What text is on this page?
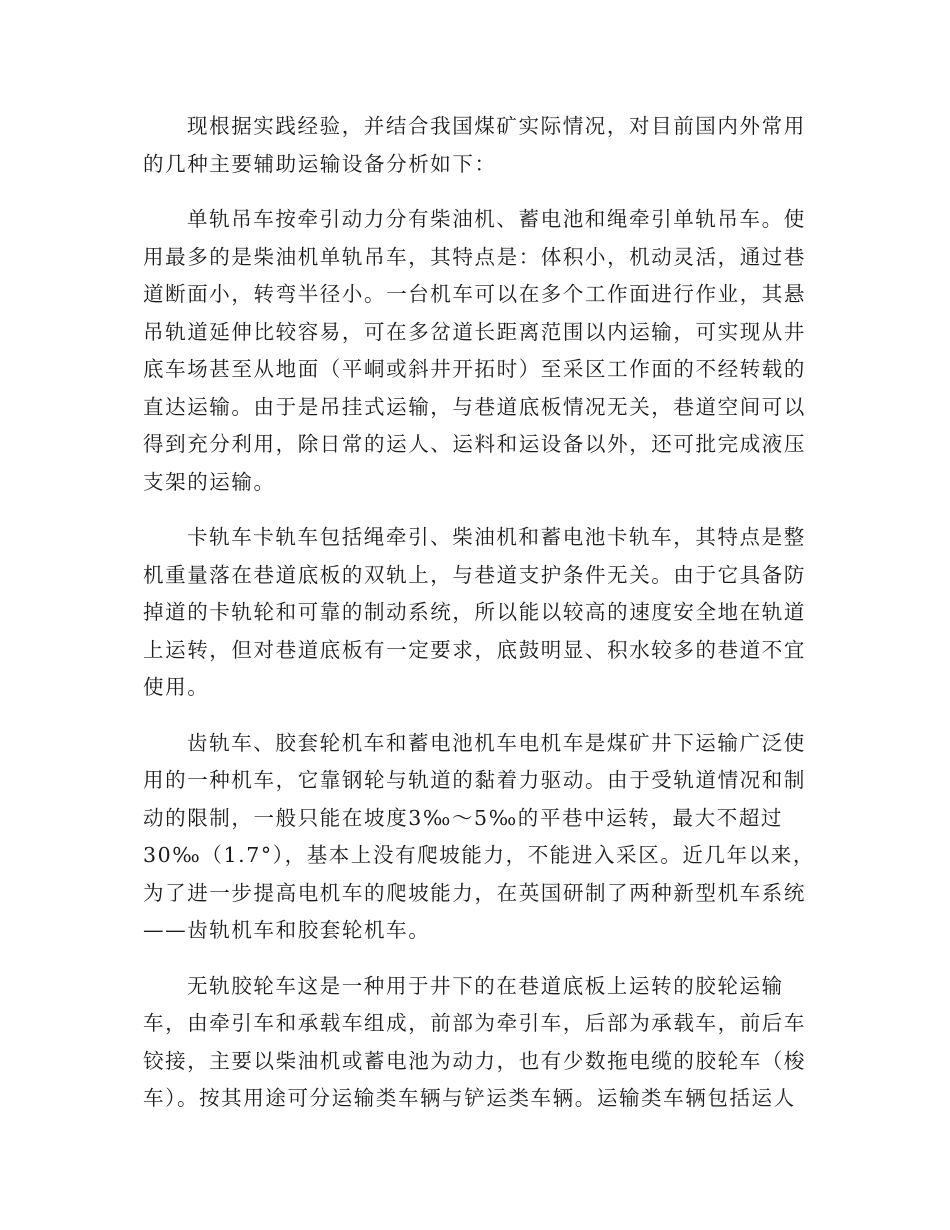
现根据实践经验，并结合我国煤矿实际情况，对目前国内外常用
的几种主要辅助运输设备分析如下：

单轨吊车按牵引动力分有柴油机、蓄电池和绳牵引单轨吊车。使
用最多的是柴油机单轨吊车，其特点是：体积小，机动灵活，通过巷
道断面小，转弯半径小。一台机车可以在多个工作面进行作业，其悬
吊轨道延伸比较容易，可在多岔道长距离范围以内运输，可实现从井
底车场甚至从地面（平峒或斜井开拓时）至采区工作面的不经转载的
直达运输。由于是吊挂式运输，与巷道底板情况无关，巷道空间可以
得到充分利用，除日常的运人、运料和运设备以外，还可批完成液压
支架的运输。

卡轨车卡轨车包括绳牵引、柴油机和蓄电池卡轨车，其特点是整
机重量落在巷道底板的双轨上，与巷道支护条件无关。由于它具备防
掉道的卡轨轮和可靠的制动系统，所以能以较高的速度安全地在轨道
上运转，但对巷道底板有一定要求，底鼓明显、积水较多的巷道不宜
使用。

齿轨车、胶套轮机车和蓄电池机车电机车是煤矿井下运输广泛使
用的一种机车，它靠钢轮与轨道的黏着力驱动。由于受轨道情况和制
动的限制，一般只能在坡度3‰～5‰的平巷中运转，最大不超过
30‰（1.7°），基本上没有爬坡能力，不能进入采区。近几年以来，
为了进一步提高电机车的爬坡能力，在英国研制了两种新型机车系统
——齿轨机车和胶套轮机车。

无轨胶轮车这是一种用于井下的在巷道底板上运转的胶轮运输
车，由牵引车和承载车组成，前部为牵引车，后部为承载车，前后车
铰接，主要以柴油机或蓄电池为动力，也有少数拖电缆的胶轮车（梭
车）。按其用途可分运输类车辆与铲运类车辆。运输类车辆包括运人
